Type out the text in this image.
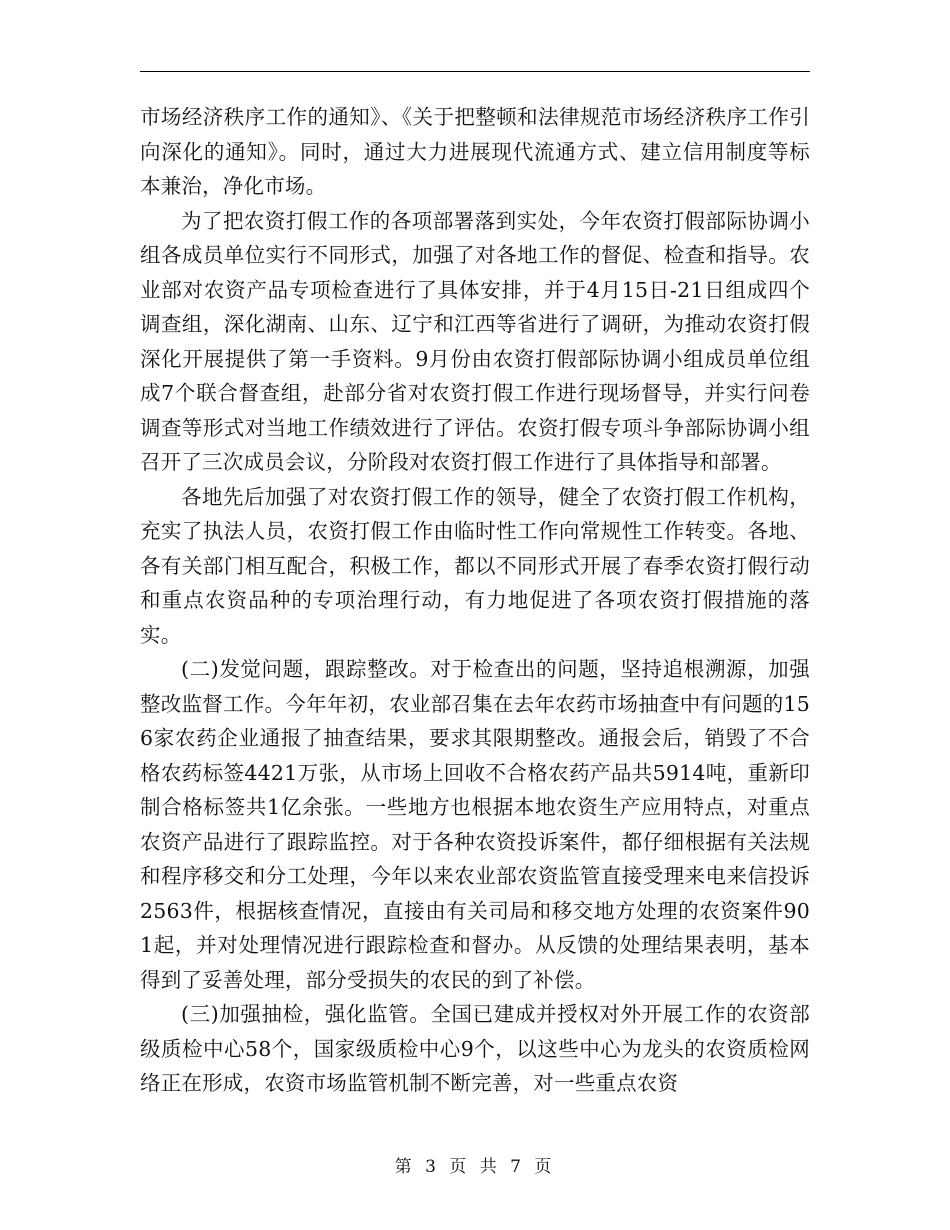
市场经济秩序工作的通知》、《关于把整顿和法律规范市场经济秩序工作引向深化的通知》。同时，通过大力进展现代流通方式、建立信用制度等标本兼治，净化市场。

为了把农资打假工作的各项部署落到实处，今年农资打假部际协调小组各成员单位实行不同形式，加强了对各地工作的督促、检查和指导。农业部对农资产品专项检查进行了具体安排，并于4月15日-21日组成四个调查组，深化湖南、山东、辽宁和江西等省进行了调研，为推动农资打假深化开展提供了第一手资料。9月份由农资打假部际协调小组成员单位组成7个联合督查组，赴部分省对农资打假工作进行现场督导，并实行问卷调查等形式对当地工作绩效进行了评估。农资打假专项斗争部际协调小组召开了三次成员会议，分阶段对农资打假工作进行了具体指导和部署。

各地先后加强了对农资打假工作的领导，健全了农资打假工作机构，充实了执法人员，农资打假工作由临时性工作向常规性工作转变。各地、各有关部门相互配合，积极工作，都以不同形式开展了春季农资打假行动和重点农资品种的专项治理行动，有力地促进了各项农资打假措施的落实。

(二)发觉问题，跟踪整改。对于检查出的问题，坚持追根溯源，加强整改监督工作。今年年初，农业部召集在去年农药市场抽查中有问题的156家农药企业通报了抽查结果，要求其限期整改。通报会后，销毁了不合格农药标签4421万张，从市场上回收不合格农药产品共5914吨，重新印制合格标签共1亿余张。一些地方也根据本地农资生产应用特点，对重点农资产品进行了跟踪监控。对于各种农资投诉案件，都仔细根据有关法规和程序移交和分工处理，今年以来农业部农资监管直接受理来电来信投诉2563件，根据核查情况，直接由有关司局和移交地方处理的农资案件901起，并对处理情况进行跟踪检查和督办。从反馈的处理结果表明，基本得到了妥善处理，部分受损失的农民的到了补偿。

(三)加强抽检，强化监管。全国已建成并授权对外开展工作的农资部级质检中心58个，国家级质检中心9个，以这些中心为龙头的农资质检网络正在形成，农资市场监管机制不断完善，对一些重点农资

第 3 页 共 7 页
